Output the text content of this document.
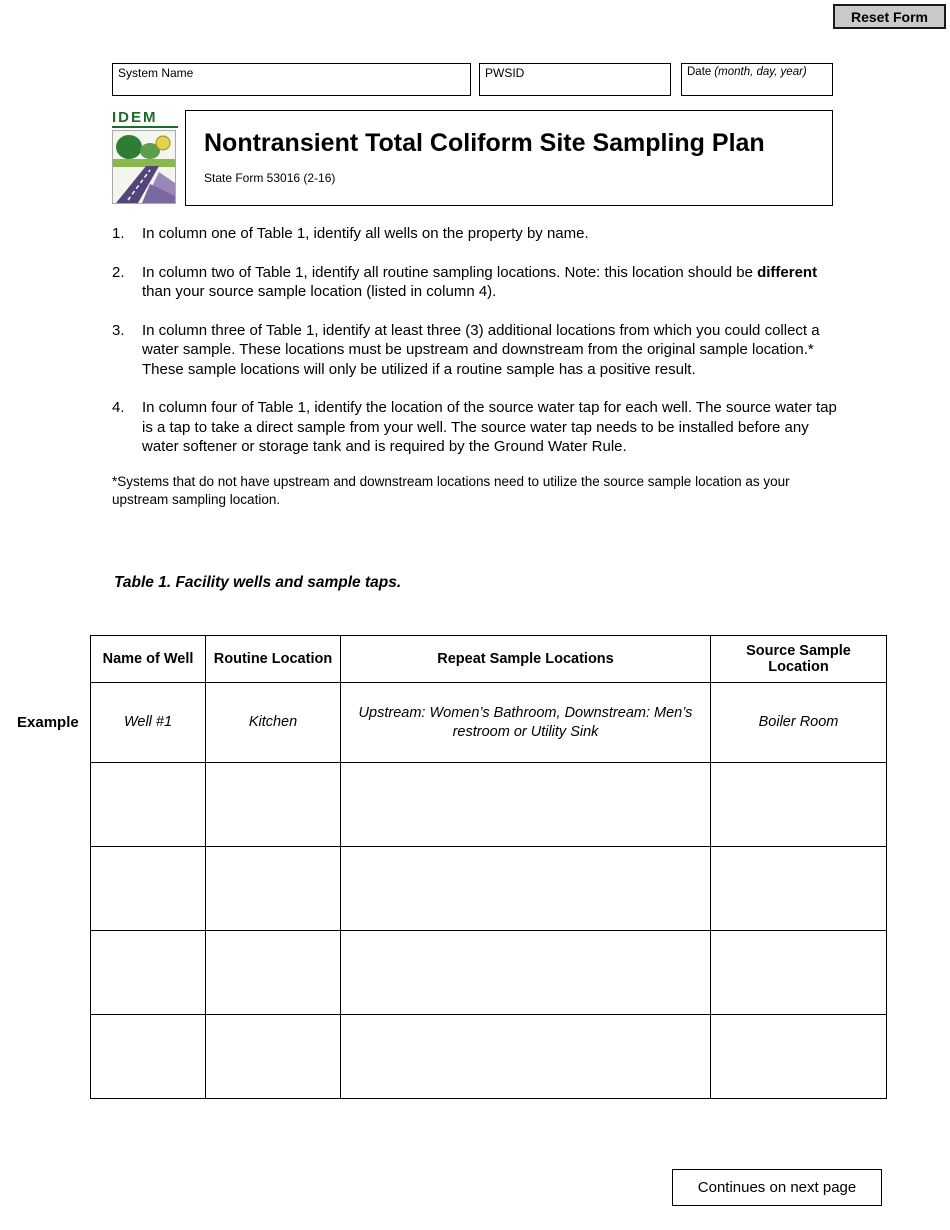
Reset Form
System Name	PWSID	Date (month, day, year)
IDEM
Nontransient Total Coliform Site Sampling Plan
State Form 53016 (2-16)
1.	In column one of Table 1, identify all wells on the property by name.
2.	In column two of Table 1, identify all routine sampling locations. Note: this location should be different than your source sample location (listed in column 4).
3.	In column three of Table 1, identify at least three (3) additional locations from which you could collect a water sample. These locations must be upstream and downstream from the original sample location.* These sample locations will only be utilized if a routine sample has a positive result.
4.	In column four of Table 1, identify the location of the source water tap for each well. The source water tap is a tap to take a direct sample from your well. The source water tap needs to be installed before any water softener or storage tank and is required by the Ground Water Rule.
*Systems that do not have upstream and downstream locations need to utilize the source sample location as your upstream sampling location.
Table 1. Facility wells and sample taps.
Example
Name of Well	Routine Location	Repeat Sample Locations	Source Sample Location
Well #1	Kitchen	Upstream: Women’s Bathroom, Downstream: Men’s restroom or Utility Sink	Boiler Room

Continues on next page
